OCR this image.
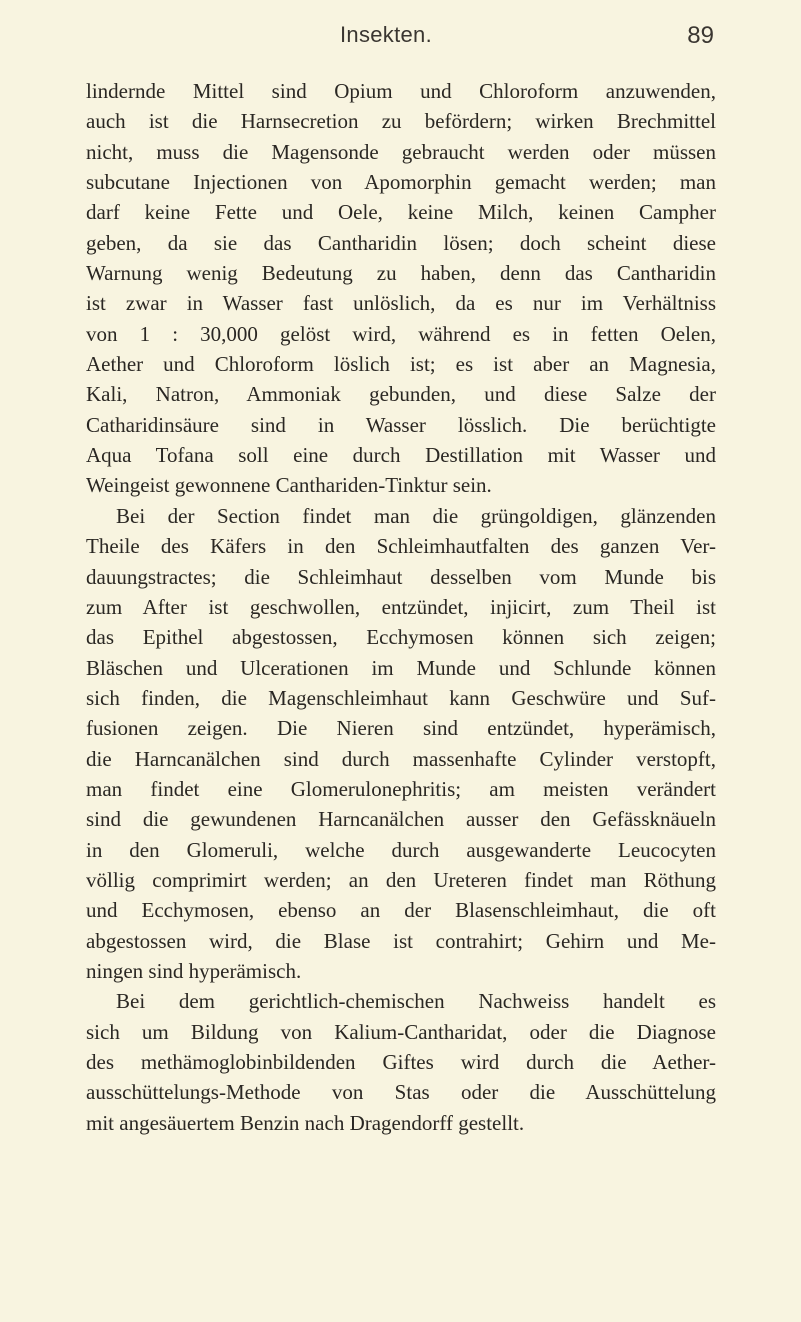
Insekten.	89
lindernde Mittel sind Opium und Chloroform anzuwenden,
auch ist die Harnsecretion zu befördern; wirken Brechmittel
nicht, muss die Magensonde gebraucht werden oder müssen
subcutane Injectionen von Apomorphin gemacht werden; man
darf keine Fette und Oele, keine Milch, keinen Campher
geben, da sie das Cantharidin lösen; doch scheint diese
Warnung wenig Bedeutung zu haben, denn das Cantharidin
ist zwar in Wasser fast unlöslich, da es nur im Verhältniss
von 1 : 30,000 gelöst wird, während es in fetten Oelen,
Aether und Chloroform löslich ist; es ist aber an Magnesia,
Kali, Natron, Ammoniak gebunden, und diese Salze der
Catharidinsäure sind in Wasser lösslich. Die berüchtigte
Aqua Tofana soll eine durch Destillation mit Wasser und
Weingeist gewonnene Canthariden-Tinktur sein.
Bei der Section findet man die grüngoldigen, glänzenden
Theile des Käfers in den Schleimhautfalten des ganzen Ver-
dauungstractes; die Schleimhaut desselben vom Munde bis
zum After ist geschwollen, entzündet, injicirt, zum Theil ist
das Epithel abgestossen, Ecchymosen können sich zeigen;
Bläschen und Ulcerationen im Munde und Schlunde können
sich finden, die Magenschleimhaut kann Geschwüre und Suf-
fusionen zeigen. Die Nieren sind entzündet, hyperämisch,
die Harncanälchen sind durch massenhafte Cylinder verstopft,
man findet eine Glomerulonephritis; am meisten verändert
sind die gewundenen Harncanälchen ausser den Gefässknäueln
in den Glomeruli, welche durch ausgewanderte Leucocyten
völlig comprimirt werden; an den Ureteren findet man Röthung
und Ecchymosen, ebenso an der Blasenschleimhaut, die oft
abgestossen wird, die Blase ist contrahirt; Gehirn und Me-
ningen sind hyperämisch.
Bei dem gerichtlich-chemischen Nachweiss handelt es
sich um Bildung von Kalium-Cantharidat, oder die Diagnose
des methämoglobinbildenden Giftes wird durch die Aether-
ausschüttelungs-Methode von Stas oder die Ausschüttelung
mit angesäuertem Benzin nach Dragendorff gestellt.
